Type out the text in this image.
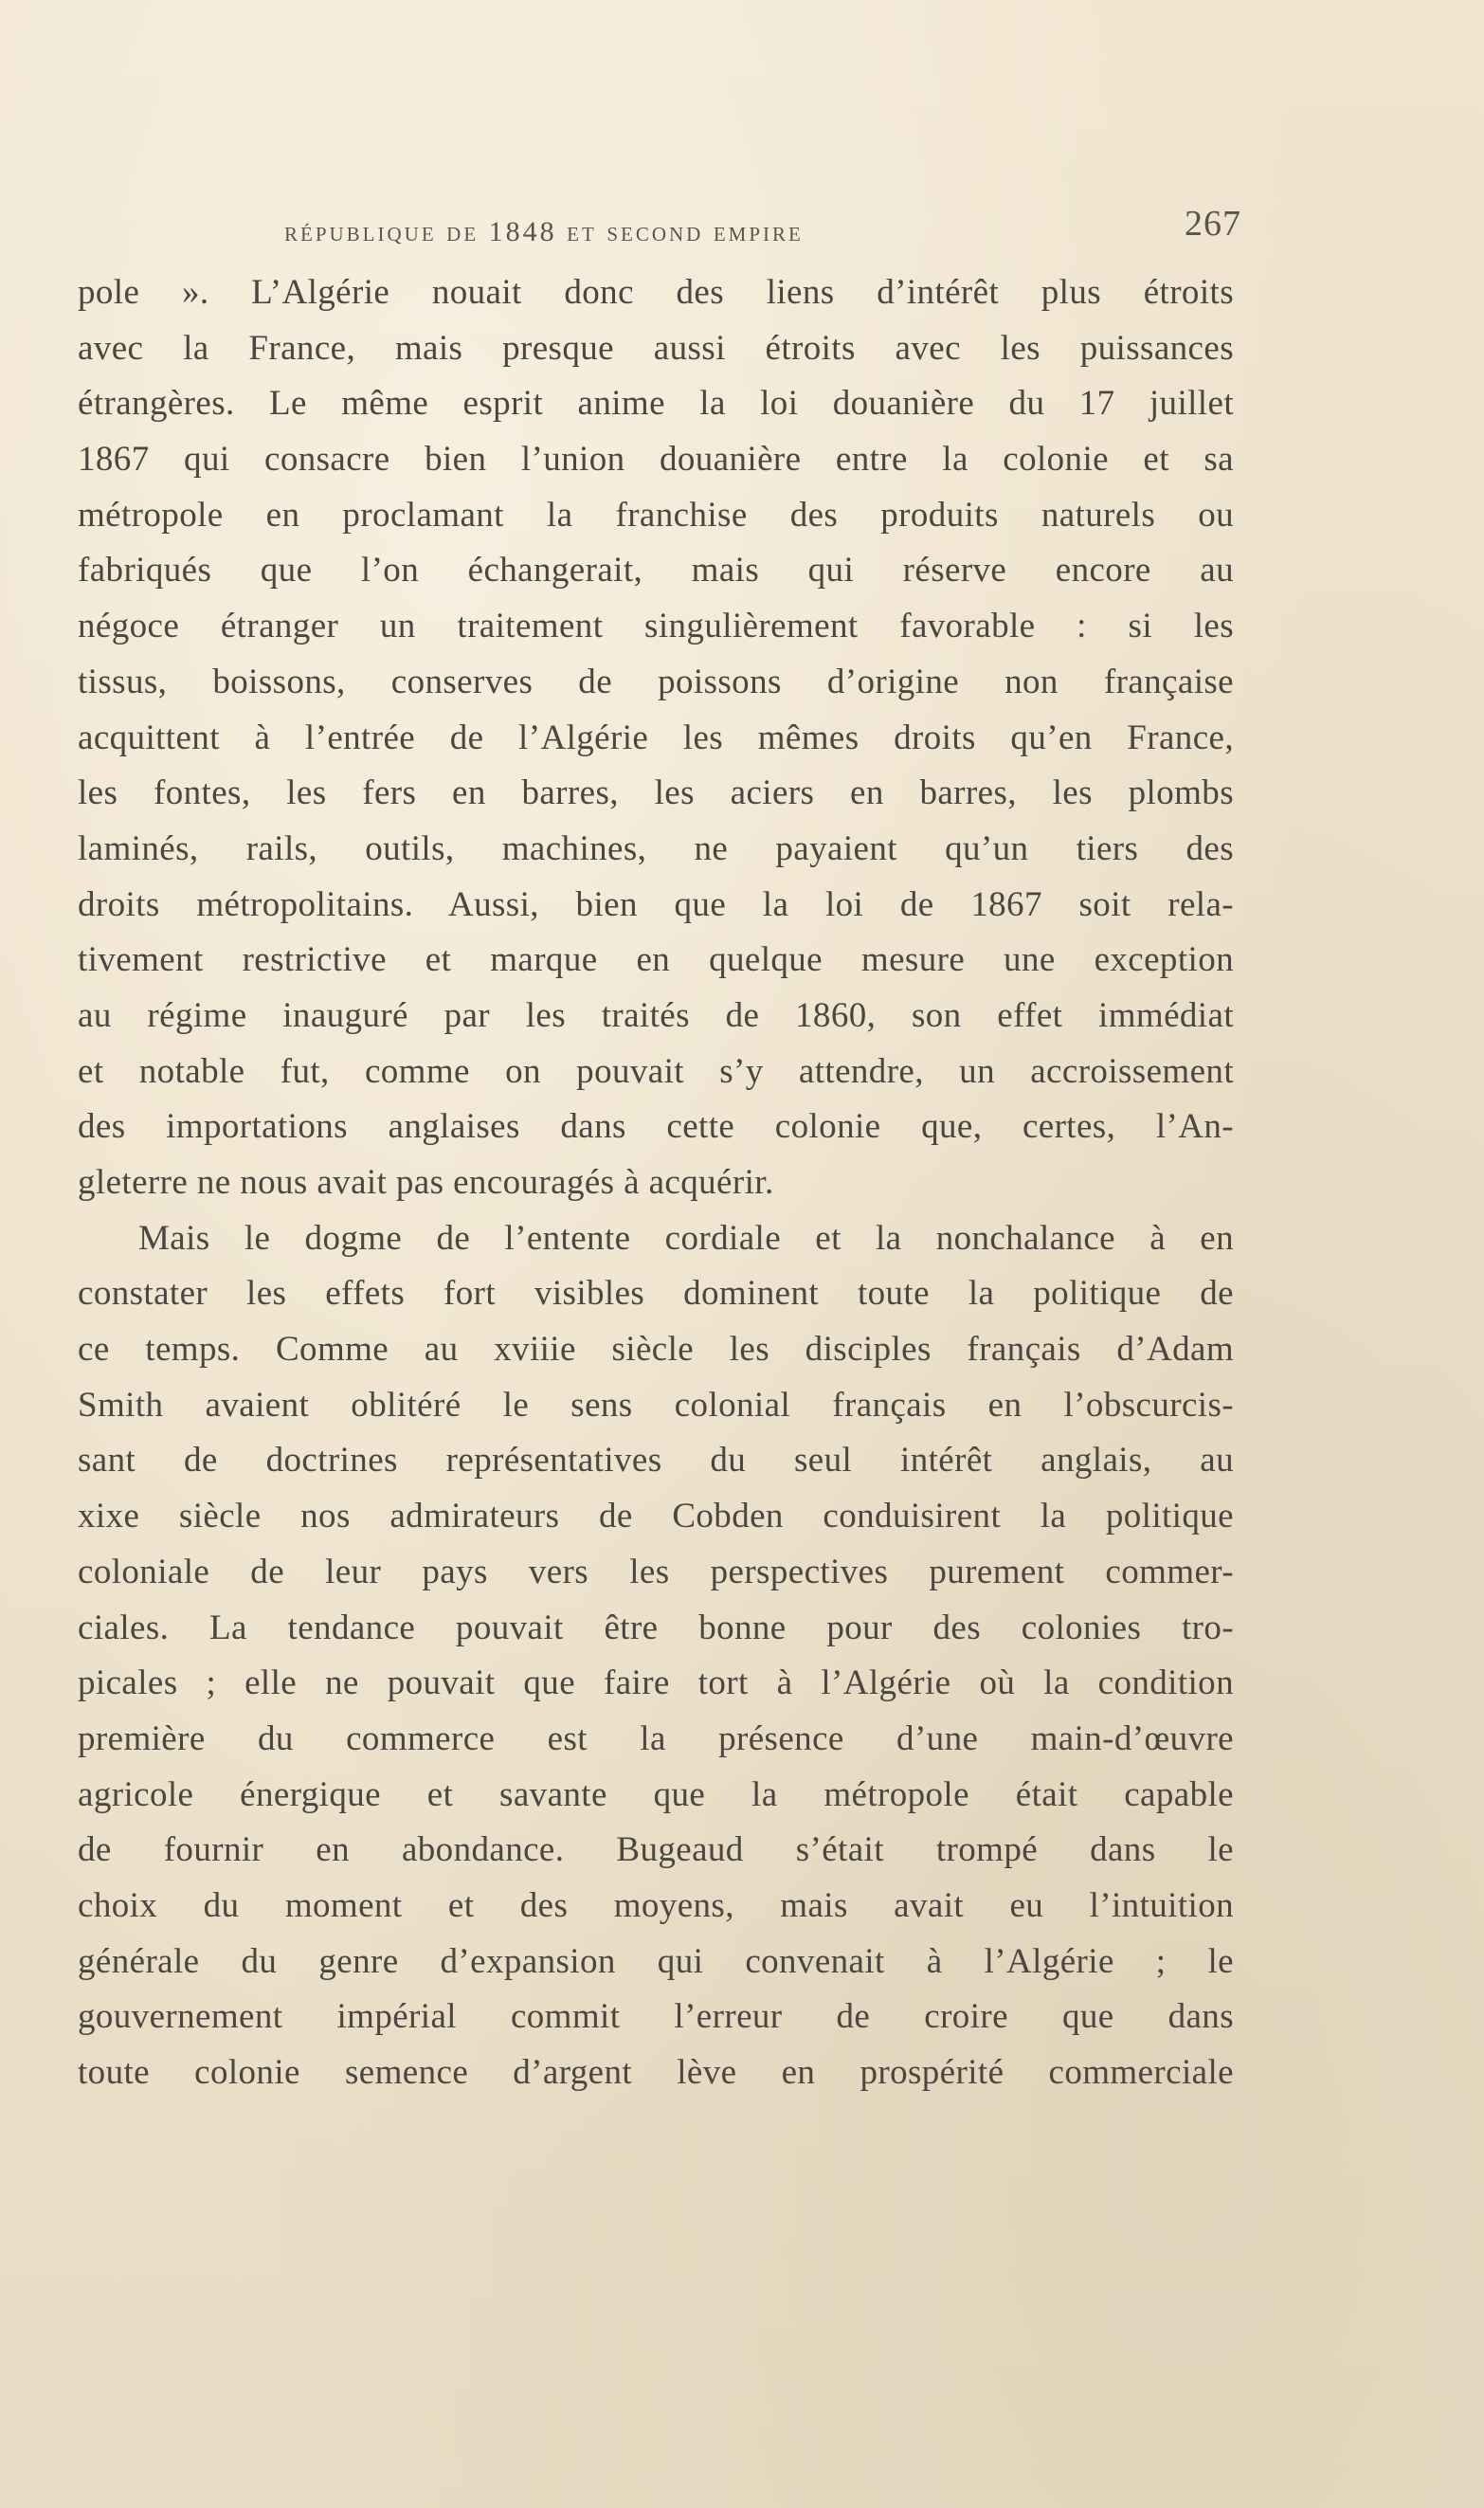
république de 1848 et second empire	267
pole ». L’Algérie nouait donc des liens d’intérêt plus étroits
avec la France, mais presque aussi étroits avec les puissances
étrangères. Le même esprit anime la loi douanière du 17 juillet
1867 qui consacre bien l’union douanière entre la colonie et sa
métropole en proclamant la franchise des produits naturels ou
fabriqués que l’on échangerait, mais qui réserve encore au
négoce étranger un traitement singulièrement favorable : si les
tissus, boissons, conserves de poissons d’origine non française
acquittent à l’entrée de l’Algérie les mêmes droits qu’en France,
les fontes, les fers en barres, les aciers en barres, les plombs
laminés, rails, outils, machines, ne payaient qu’un tiers des
droits métropolitains. Aussi, bien que la loi de 1867 soit rela-
tivement restrictive et marque en quelque mesure une exception
au régime inauguré par les traités de 1860, son effet immédiat
et notable fut, comme on pouvait s’y attendre, un accroissement
des importations anglaises dans cette colonie que, certes, l’An-
gleterre ne nous avait pas encouragés à acquérir.
Mais le dogme de l’entente cordiale et la nonchalance à en
constater les effets fort visibles dominent toute la politique de
ce temps. Comme au xviiie siècle les disciples français d’Adam
Smith avaient oblitéré le sens colonial français en l’obscurcis-
sant de doctrines représentatives du seul intérêt anglais, au
xixe siècle nos admirateurs de Cobden conduisirent la politique
coloniale de leur pays vers les perspectives purement commer-
ciales. La tendance pouvait être bonne pour des colonies tro-
picales ; elle ne pouvait que faire tort à l’Algérie où la condition
première du commerce est la présence d’une main-d’œuvre
agricole énergique et savante que la métropole était capable
de fournir en abondance. Bugeaud s’était trompé dans le
choix du moment et des moyens, mais avait eu l’intuition
générale du genre d’expansion qui convenait à l’Algérie ; le
gouvernement impérial commit l’erreur de croire que dans
toute colonie semence d’argent lève en prospérité commerciale
